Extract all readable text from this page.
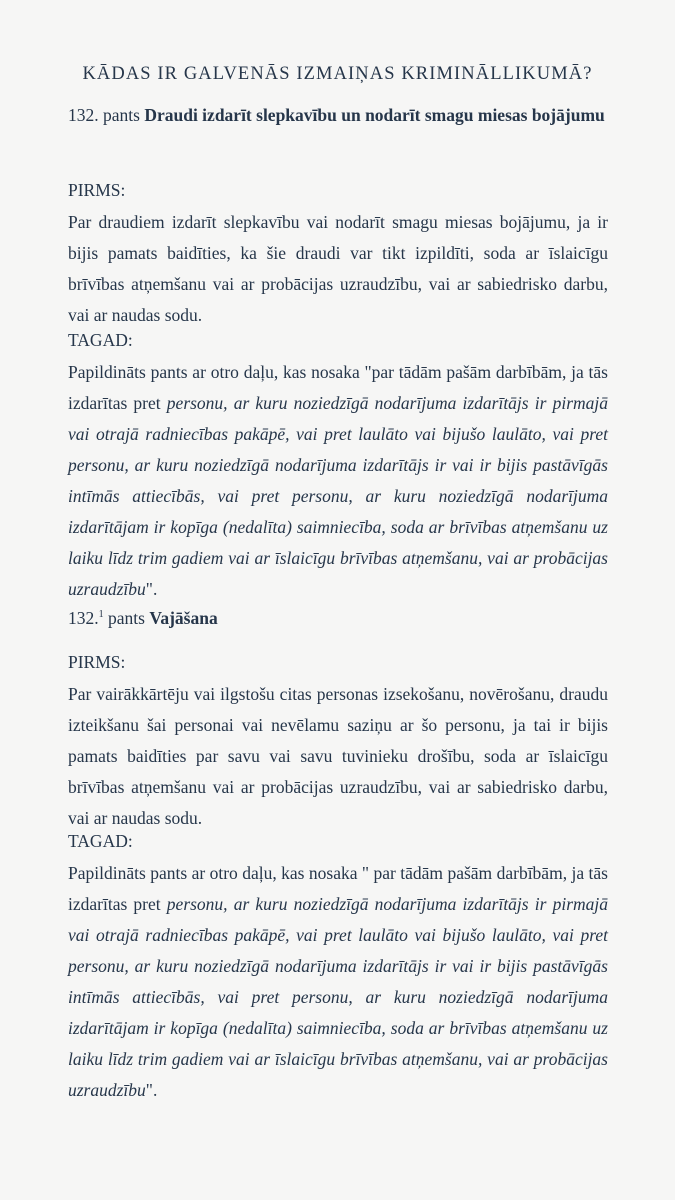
KĀDAS IR GALVENĀS IZMAIŅAS KRIMINĀLLIKUMĀ?

132. pants Draudi izdarīt slepkavību un nodarīt smagu miesas bojājumu

PIRMS:

Par draudiem izdarīt slepkavību vai nodarīt smagu miesas bojājumu, ja ir bijis pamats baidīties, ka šie draudi var tikt izpildīti, soda ar īslaicīgu brīvības atņemšanu vai ar probācijas uzraudzību, vai ar sabiedrisko darbu, vai ar naudas sodu.

TAGAD:

Papildināts pants ar otro daļu, kas nosaka "par tādām pašām darbībām, ja tās izdarītas pret personu, ar kuru noziedzīgā nodarījuma izdarītājs ir pirmajā vai otrajā radniecības pakāpē, vai pret laulāto vai bijušo laulāto, vai pret personu, ar kuru noziedzīgā nodarījuma izdarītājs ir vai ir bijis pastāvīgās intīmās attiecībās, vai pret personu, ar kuru noziedzīgā nodarījuma izdarītājam ir kopīga (nedalīta) saimniecība, soda ar brīvības atņemšanu uz laiku līdz trim gadiem vai ar īslaicīgu brīvības atņemšanu, vai ar probācijas uzraudzību".

132.$^1$ pants Vajāšana

PIRMS:

Par vairākkārtēju vai ilgstošu citas personas izsekošanu, novērošanu, draudu izteikšanu šai personai vai nevēlamu saziņu ar šo personu, ja tai ir bijis pamats baidīties par savu vai savu tuvinieku drošību, soda ar īslaicīgu brīvības atņemšanu vai ar probācijas uzraudzību, vai ar sabiedrisko darbu, vai ar naudas sodu.

TAGAD:

Papildināts pants ar otro daļu, kas nosaka " par tādām pašām darbībām, ja tās izdarītas pret personu, ar kuru noziedzīgā nodarījuma izdarītājs ir pirmajā vai otrajā radniecības pakāpē, vai pret laulāto vai bijušo laulāto, vai pret personu, ar kuru noziedzīgā nodarījuma izdarītājs ir vai ir bijis pastāvīgās intīmās attiecībās, vai pret personu, ar kuru noziedzīgā nodarījuma izdarītājam ir kopīga (nedalīta) saimniecība, soda ar brīvības atņemšanu uz laiku līdz trim gadiem vai ar īslaicīgu brīvības atņemšanu, vai ar probācijas uzraudzību".
